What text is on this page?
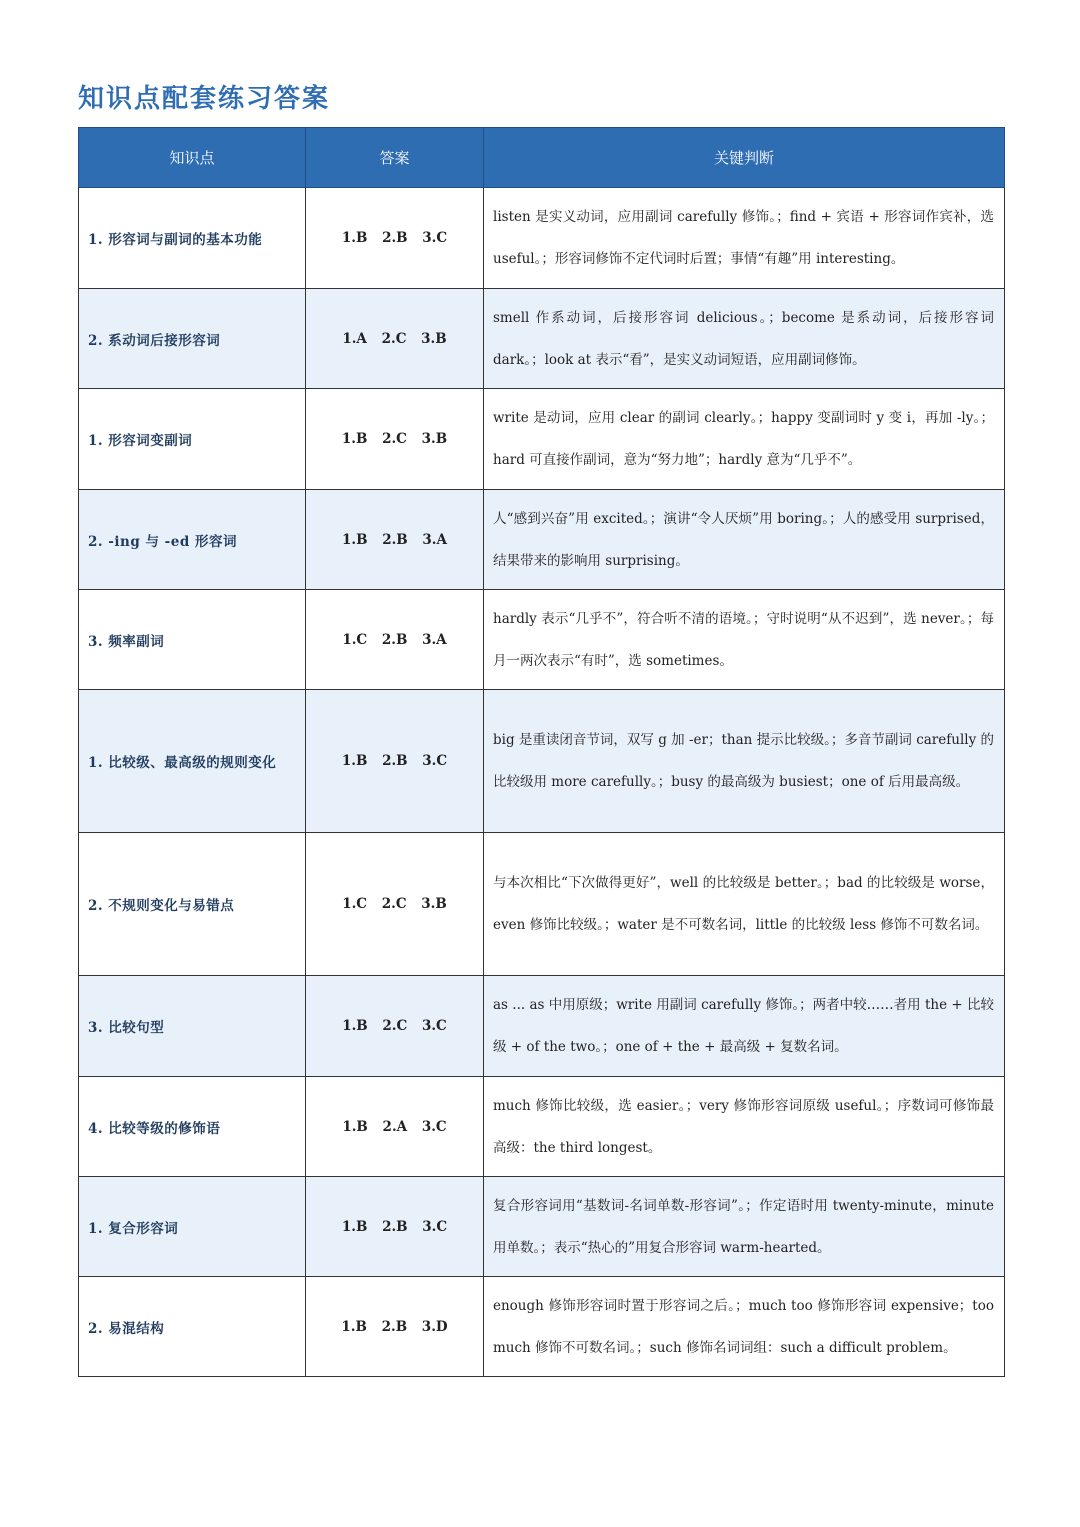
知识点配套练习答案
知识点	答案	关键判断
1. 形容词与副词的基本功能	1.B 2.B 3.C	listen 是实义动词，应用副词 carefully 修饰。；find + 宾语 + 形容词作宾补，选 useful。；形容词修饰不定代词时后置；事情“有趣”用 interesting。
2. 系动词后接形容词	1.A 2.C 3.B	smell 作系动词，后接形容词 delicious。；become 是系动词，后接形容词 dark。；look at 表示“看”，是实义动词短语，应用副词修饰。
1. 形容词变副词	1.B 2.C 3.B	write 是动词，应用 clear 的副词 clearly。；happy 变副词时 y 变 i，再加 -ly。；hard 可直接作副词，意为“努力地”；hardly 意为“几乎不”。
2. -ing 与 -ed 形容词	1.B 2.B 3.A	人“感到兴奋”用 excited。；演讲“令人厌烦”用 boring。；人的感受用 surprised，结果带来的影响用 surprising。
3. 频率副词	1.C 2.B 3.A	hardly 表示“几乎不”，符合听不清的语境。；守时说明“从不迟到”，选 never。；每月一两次表示“有时”，选 sometimes。
1. 比较级、最高级的规则变化	1.B 2.B 3.C	big 是重读闭音节词，双写 g 加 -er；than 提示比较级。；多音节副词 carefully 的比较级用 more carefully。；busy 的最高级为 busiest；one of 后用最高级。
2. 不规则变化与易错点	1.C 2.C 3.B	与本次相比“下次做得更好”，well 的比较级是 better。；bad 的比较级是 worse，even 修饰比较级。；water 是不可数名词，little 的比较级 less 修饰不可数名词。
3. 比较句型	1.B 2.C 3.C	as ... as 中用原级；write 用副词 carefully 修饰。；两者中较……者用 the + 比较级 + of the two。；one of + the + 最高级 + 复数名词。
4. 比较等级的修饰语	1.B 2.A 3.C	much 修饰比较级，选 easier。；very 修饰形容词原级 useful。；序数词可修饰最高级：the third longest。
1. 复合形容词	1.B 2.B 3.C	复合形容词用“基数词-名词单数-形容词”。；作定语时用 twenty-minute，minute 用单数。；表示“热心的”用复合形容词 warm-hearted。
2. 易混结构	1.B 2.B 3.D	enough 修饰形容词时置于形容词之后。；much too 修饰形容词 expensive；too much 修饰不可数名词。；such 修饰名词词组：such a difficult problem。
